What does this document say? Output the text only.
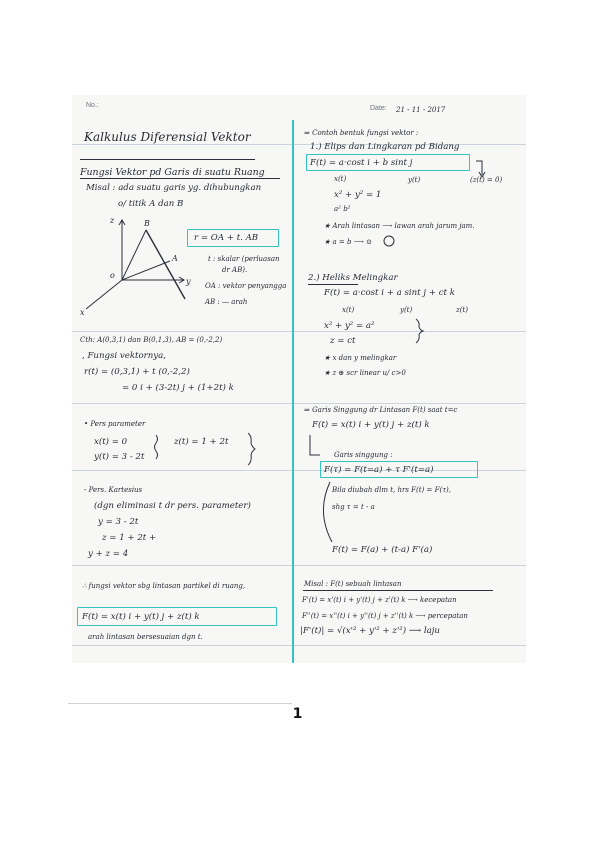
No.:	Date: 21 - 11 - 2017
Kalkulus Diferensial Vektor
Fungsi Vektor pd Garis di suatu Ruang
Misal : ada suatu garis yg. dihubungkan
o/ titik A dan B
r = OA + t. AB
t : skalar (perluasan
dr AB).
OA : vektor penyangga
AB : ― arah
Cth: A(0,3,1) dan B(0,1,3), AB = (0,-2,2)
, Fungsi vektornya,
r(t) = (0,3,1) + t (0,-2,2)
= 0 i + (3-2t) j + (1+2t) k
• Pers parameter
x(t) = 0	z(t) = 1 + 2t
y(t) = 3 - 2t
- Pers. Kartesius
(dgn eliminasi t dr pers. parameter)
y = 3 - 2t
z = 1 + 2t +
y + z = 4
∴ fungsi vektor sbg lintasan partikel di ruang,
F(t) = x(t) i + y(t) j + z(t) k
arah lintasan bersesuaian dgn t.
⇒ Contoh bentuk fungsi vektor :
1.) Elips dan Lingkaran pd Bidang
F(t) = a·cost i + b sint j
x(t)	y(t)	(z(t) = 0)
x² + y² = 1
a² b²
★ Arah lintasan ⟶ lawan arah jarum jam.
★ a = b ⟶ ⊙
2.) Heliks Melingkar
F(t) = a·cost i + a sint j + ct k
x(t)	y(t)	z(t)
x² + y² = a²
z = ct
★ x dan y melingkar
★ z ⊕ scr linear u/ c>0
⇒ Garis Singgung dr Lintasan F(t) saat t=c
F(t) = x(t) i + y(t) j + z(t) k
Garis singgung :
F(τ) = F(t=a) + τ F'(t=a)
Bila diubah dlm t, hrs F(t) = F(τ),
shg τ = t - a
F(t) = F(a) + (t-a) F'(a)
Misal : F(t) sebuah lintasan
F'(t) = x'(t) i + y'(t) j + z'(t) k ⟶ kecepatan
F''(t) = x''(t) i + y''(t) j + z''(t) k ⟶ percepatan
|F'(t)| = √(x'² + y'² + z'²) ⟶ laju
z	B
A
y
x
o
1
